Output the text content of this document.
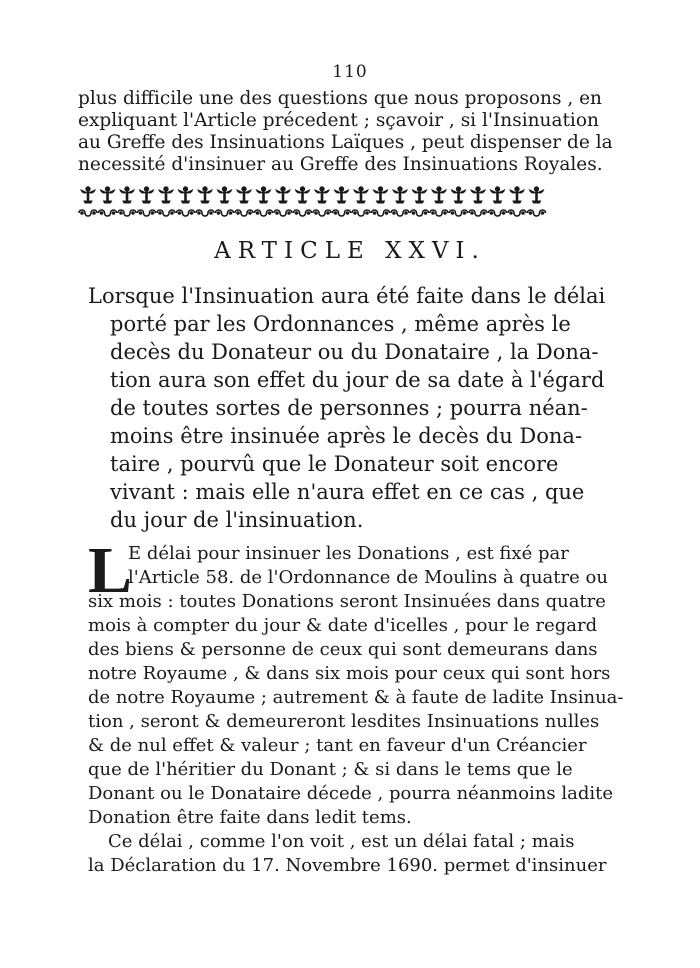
110
plus difficile une des questions que nous proposons , en
expliquant l'Article précedent ; sçavoir , si l'Insinuation
au Greffe des Insinuations Laïques , peut dispenser de la
necessité d'insinuer au Greffe des Insinuations Royales.
ARTICLE XXVI.
Lorsque l'Insinuation aura été faite dans le délai
porté par les Ordonnances , même après le
decès du Donateur ou du Donataire , la Dona-
tion aura son effet du jour de sa date à l'égard
de toutes sortes de personnes ; pourra néan-
moins être insinuée après le decès du Dona-
taire , pourvû que le Donateur soit encore
vivant : mais elle n'aura effet en ce cas , que
du jour de l'insinuation.
L
E délai pour insinuer les Donations , est fixé par
l'Article 58. de l'Ordonnance de Moulins à quatre ou
six mois : toutes Donations seront Insinuées dans quatre
mois à compter du jour & date d'icelles , pour le regard
des biens & personne de ceux qui sont demeurans dans
notre Royaume , & dans six mois pour ceux qui sont hors
de notre Royaume ; autrement & à faute de ladite Insinua-
tion , seront & demeureront lesdites Insinuations nulles
& de nul effet & valeur ; tant en faveur d'un Créancier
que de l'héritier du Donant ; & si dans le tems que le
Donant ou le Donataire décede , pourra néanmoins ladite
Donation être faite dans ledit tems.
Ce délai , comme l'on voit , est un délai fatal ; mais
la Déclaration du 17. Novembre 1690. permet d'insinuer
